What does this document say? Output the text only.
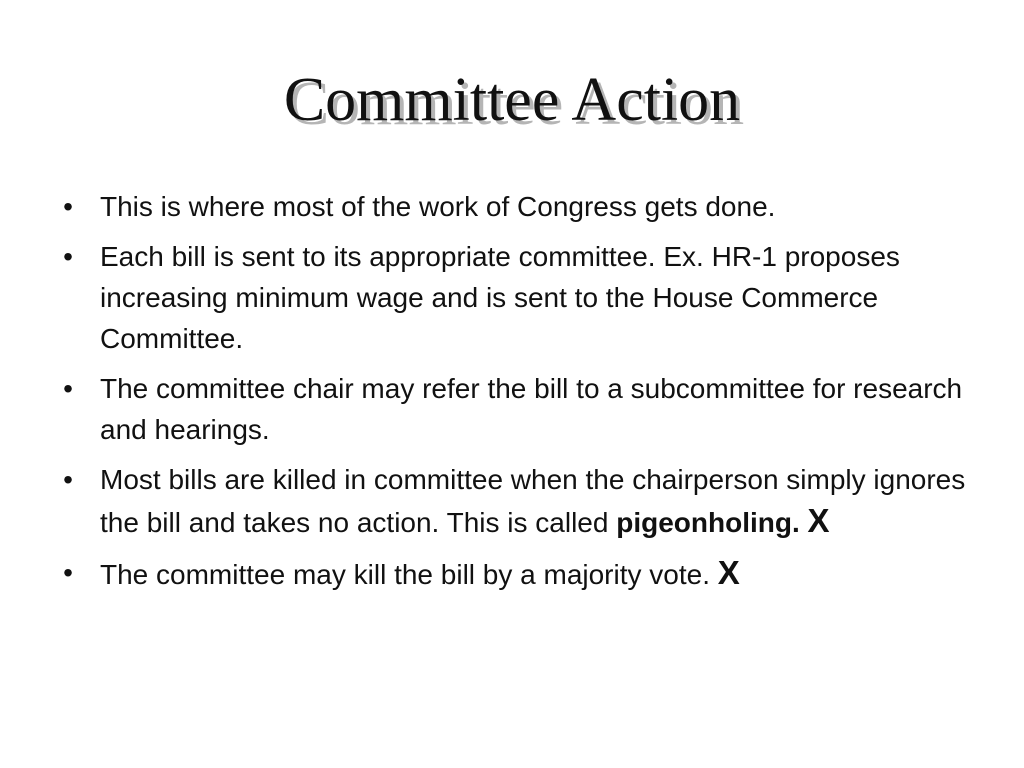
Committee Action
• This is where most of the work of Congress gets done.
• Each bill is sent to its appropriate committee. Ex. HR-1 proposes increasing minimum wage and is sent to the House Commerce Committee.
• The committee chair may refer the bill to a subcommittee for research and hearings.
• Most bills are killed in committee when the chairperson simply ignores the bill and takes no action. This is called pigeonholing. X
• The committee may kill the bill by a majority vote. X
